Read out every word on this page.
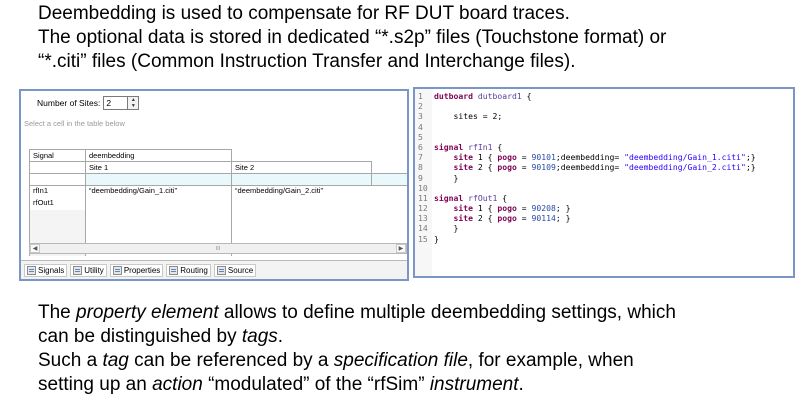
Deembedding is used to compensate for RF DUT board traces.

The optional data is stored in dedicated “*.s2p” files (Touchstone format) or

“*.citi” files (Common Instruction Transfer and Interchange files).

Number of Sites: 2	▲
▼
Select a cell in the table below
Signal	deembedding		
	Site 1	Site 2	

rfIn1	“deembedding/Gain_1.citi”	“deembedding/Gain_2.citi”	
rfOut1			

◀	III	▶
Signals	Utility	Properties	Routing	Source
1 dutboard dutboard1 {
2
3    sites = 2;
4
5
6 signal rfIn1 {
7	site 1 { pogo = 90101;deembedding= "deembedding/Gain_1.citi";}
8	site 2 { pogo = 90109;deembedding= "deembedding/Gain_2.citi";}
9    }
10
11 signal rfOut1 {
12	site 1 { pogo = 90208; }
13	site 2 { pogo = 90114; }
14    }
15 }

The property element allows to define multiple deembedding settings, which

can be distinguished by tags.

Such a tag can be referenced by a specification file, for example, when

setting up an action “modulated” of the “rfSim” instrument.
